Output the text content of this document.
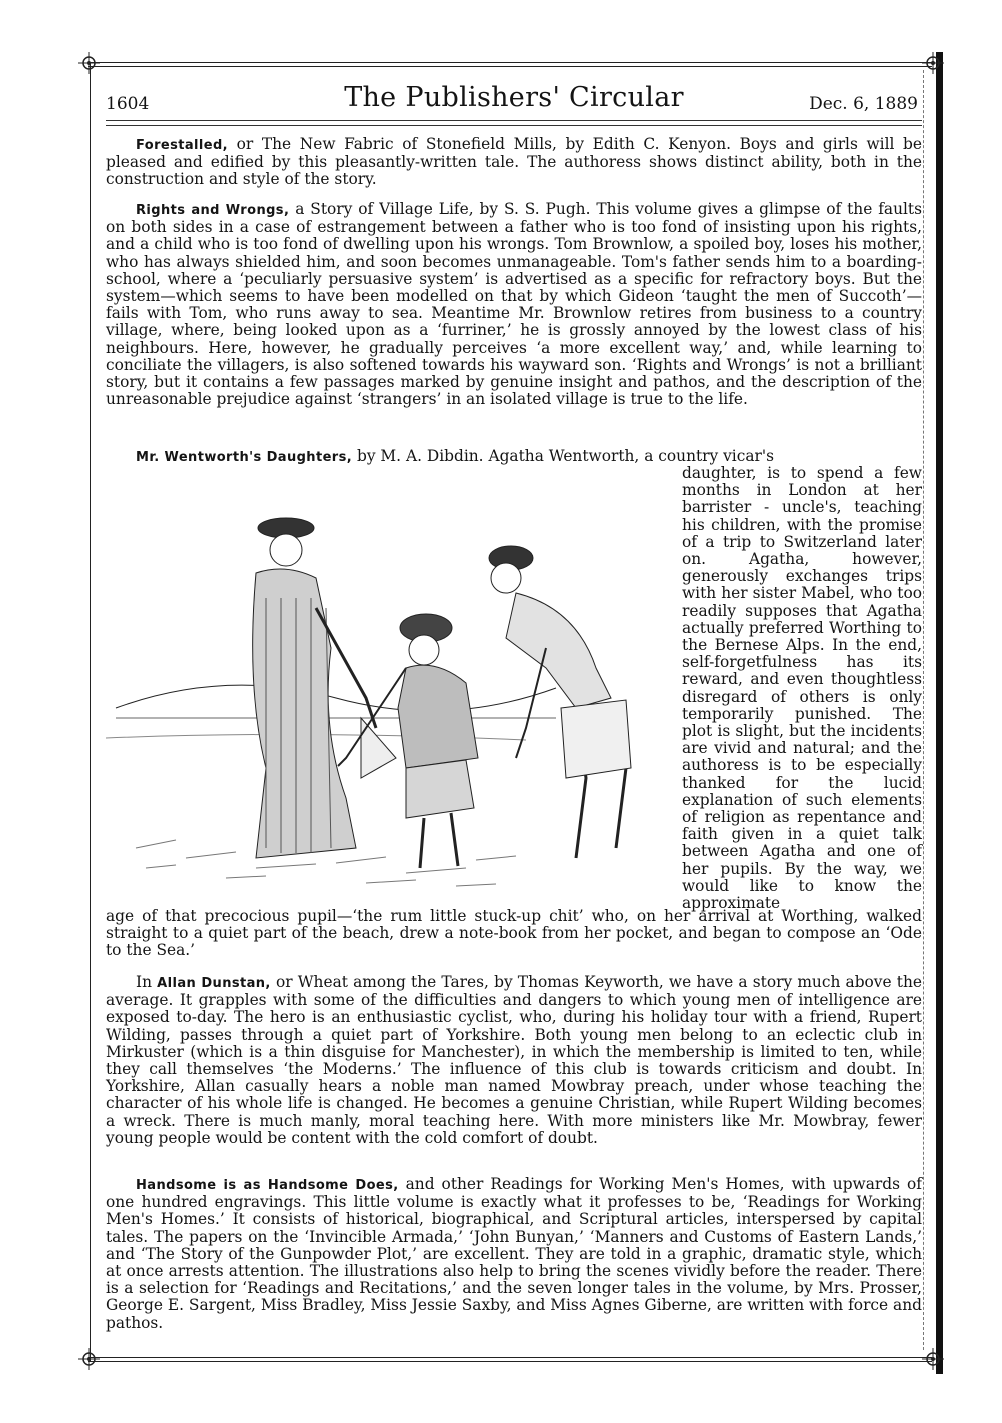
1604	The Publishers' Circular	Dec. 6, 1889

Forestalled, or The New Fabric of Stonefield Mills, by Edith C. Kenyon. Boys and girls will be pleased and edified by this pleasantly-written tale. The authoress shows distinct ability, both in the construction and style of the story.

Rights and Wrongs, a Story of Village Life, by S. S. Pugh. This volume gives a glimpse of the faults on both sides in a case of estrangement between a father who is too fond of insisting upon his rights, and a child who is too fond of dwelling upon his wrongs. Tom Brownlow, a spoiled boy, loses his mother, who has always shielded him, and soon becomes unmanageable. Tom's father sends him to a boarding-school, where a ‘peculiarly persuasive system’ is advertised as a specific for refractory boys. But the system—which seems to have been modelled on that by which Gideon ‘taught the men of Succoth’—fails with Tom, who runs away to sea. Meantime Mr. Brownlow retires from business to a country village, where, being looked upon as a ‘furriner,’ he is grossly annoyed by the lowest class of his neighbours. Here, however, he gradually perceives ‘a more excellent way,’ and, while learning to conciliate the villagers, is also softened towards his wayward son. ‘Rights and Wrongs’ is not a brilliant story, but it contains a few passages marked by genuine insight and pathos, and the description of the unreasonable prejudice against ‘strangers’ in an isolated village is true to the life.

Mr. Wentworth's Daughters, by M. A. Dibdin. Agatha Wentworth, a country vicar's

daughter, is to spend a few months in London at her barrister - uncle's, teaching his children, with the promise of a trip to Switzerland later on. Agatha, however, generously exchanges trips with her sister Mabel, who too readily supposes that Agatha actually preferred Worthing to the Bernese Alps. In the end, self-forgetfulness has its reward, and even thoughtless disregard of others is only temporarily punished. The plot is slight, but the incidents are vivid and natural; and the authoress is to be especially thanked for the lucid explanation of such elements of religion as repentance and faith given in a quiet talk between Agatha and one of her pupils. By the way, we would like to know the approximate

age of that precocious pupil—‘the rum little stuck-up chit’ who, on her arrival at Worthing, walked straight to a quiet part of the beach, drew a note-book from her pocket, and began to compose an ‘Ode to the Sea.’

In Allan Dunstan, or Wheat among the Tares, by Thomas Keyworth, we have a story much above the average. It grapples with some of the difficulties and dangers to which young men of intelligence are exposed to-day. The hero is an enthusiastic cyclist, who, during his holiday tour with a friend, Rupert Wilding, passes through a quiet part of Yorkshire. Both young men belong to an eclectic club in Mirkuster (which is a thin disguise for Manchester), in which the membership is limited to ten, while they call themselves ‘the Moderns.’ The influence of this club is towards criticism and doubt. In Yorkshire, Allan casually hears a noble man named Mowbray preach, under whose teaching the character of his whole life is changed. He becomes a genuine Christian, while Rupert Wilding becomes a wreck. There is much manly, moral teaching here. With more ministers like Mr. Mowbray, fewer young people would be content with the cold comfort of doubt.

Handsome is as Handsome Does, and other Readings for Working Men's Homes, with upwards of one hundred engravings. This little volume is exactly what it professes to be, ‘Readings for Working Men's Homes.’ It consists of historical, biographical, and Scriptural articles, interspersed by capital tales. The papers on the ‘Invincible Armada,’ ‘John Bunyan,’ ‘Manners and Customs of Eastern Lands,’ and ‘The Story of the Gunpowder Plot,’ are excellent. They are told in a graphic, dramatic style, which at once arrests attention. The illustrations also help to bring the scenes vividly before the reader. There is a selection for ‘Readings and Recitations,’ and the seven longer tales in the volume, by Mrs. Prosser, George E. Sargent, Miss Bradley, Miss Jessie Saxby, and Miss Agnes Giberne, are written with force and pathos.
